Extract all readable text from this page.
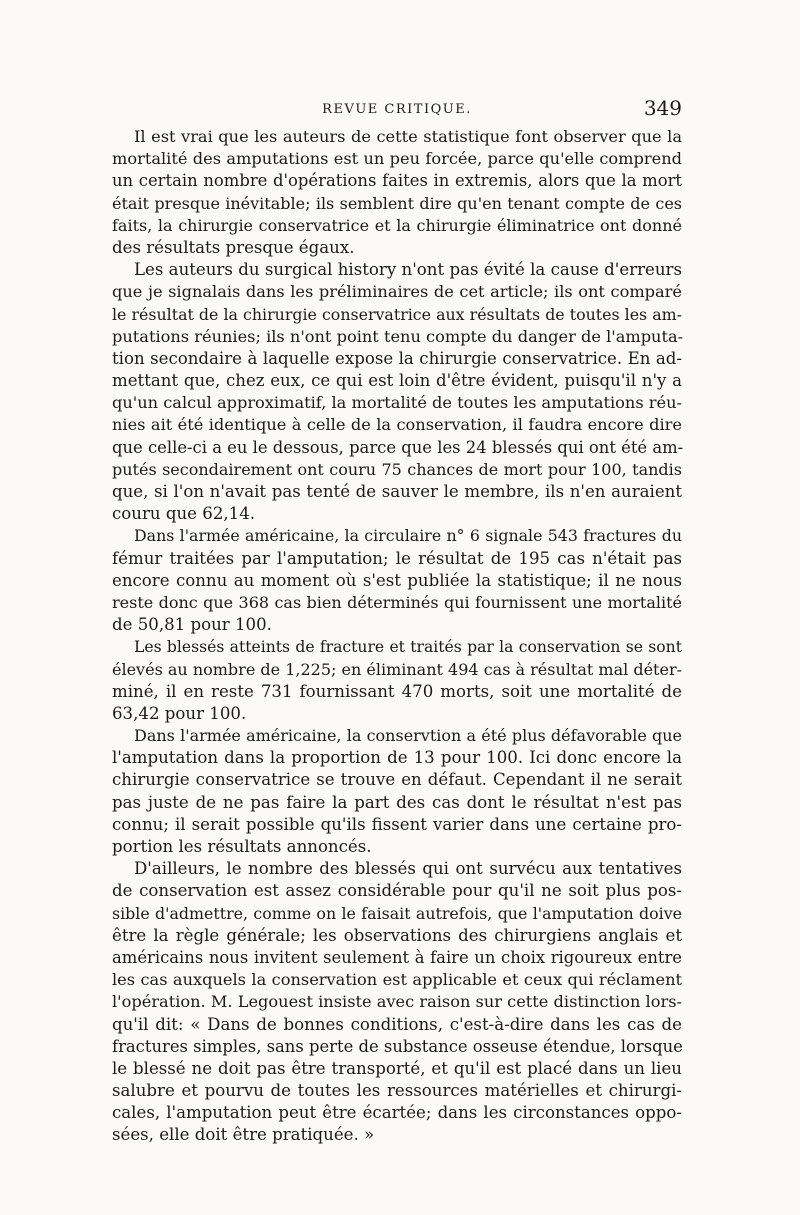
REVUE CRITIQUE.	349
Il est vrai que les auteurs de cette statistique font observer que la
mortalité des amputations est un peu forcée, parce qu'elle comprend
un certain nombre d'opérations faites in extremis, alors que la mort
était presque inévitable; ils semblent dire qu'en tenant compte de ces
faits, la chirurgie conservatrice et la chirurgie éliminatrice ont donné
des résultats presque égaux.
Les auteurs du surgical history n'ont pas évité la cause d'erreurs
que je signalais dans les préliminaires de cet article; ils ont comparé
le résultat de la chirurgie conservatrice aux résultats de toutes les am-
putations réunies; ils n'ont point tenu compte du danger de l'amputa-
tion secondaire à laquelle expose la chirurgie conservatrice. En ad-
mettant que, chez eux, ce qui est loin d'être évident, puisqu'il n'y a
qu'un calcul approximatif, la mortalité de toutes les amputations réu-
nies ait été identique à celle de la conservation, il faudra encore dire
que celle-ci a eu le dessous, parce que les 24 blessés qui ont été am-
putés secondairement ont couru 75 chances de mort pour 100, tandis
que, si l'on n'avait pas tenté de sauver le membre, ils n'en auraient
couru que 62,14.
Dans l'armée américaine, la circulaire n° 6 signale 543 fractures du
fémur traitées par l'amputation; le résultat de 195 cas n'était pas
encore connu au moment où s'est publiée la statistique; il ne nous
reste donc que 368 cas bien déterminés qui fournissent une mortalité
de 50,81 pour 100.
Les blessés atteints de fracture et traités par la conservation se sont
élevés au nombre de 1,225; en éliminant 494 cas à résultat mal déter-
miné, il en reste 731 fournissant 470 morts, soit une mortalité de
63,42 pour 100.
Dans l'armée américaine, la conservtion a été plus défavorable que
l'amputation dans la proportion de 13 pour 100. Ici donc encore la
chirurgie conservatrice se trouve en défaut. Cependant il ne serait
pas juste de ne pas faire la part des cas dont le résultat n'est pas
connu; il serait possible qu'ils fissent varier dans une certaine pro-
portion les résultats annoncés.
D'ailleurs, le nombre des blessés qui ont survécu aux tentatives
de conservation est assez considérable pour qu'il ne soit plus pos-
sible d'admettre, comme on le faisait autrefois, que l'amputation doive
être la règle générale; les observations des chirurgiens anglais et
américains nous invitent seulement à faire un choix rigoureux entre
les cas auxquels la conservation est applicable et ceux qui réclament
l'opération. M. Legouest insiste avec raison sur cette distinction lors-
qu'il dit: « Dans de bonnes conditions, c'est-à-dire dans les cas de
fractures simples, sans perte de substance osseuse étendue, lorsque
le blessé ne doit pas être transporté, et qu'il est placé dans un lieu
salubre et pourvu de toutes les ressources matérielles et chirurgi-
cales, l'amputation peut être écartée; dans les circonstances oppo-
sées, elle doit être pratiquée. »
